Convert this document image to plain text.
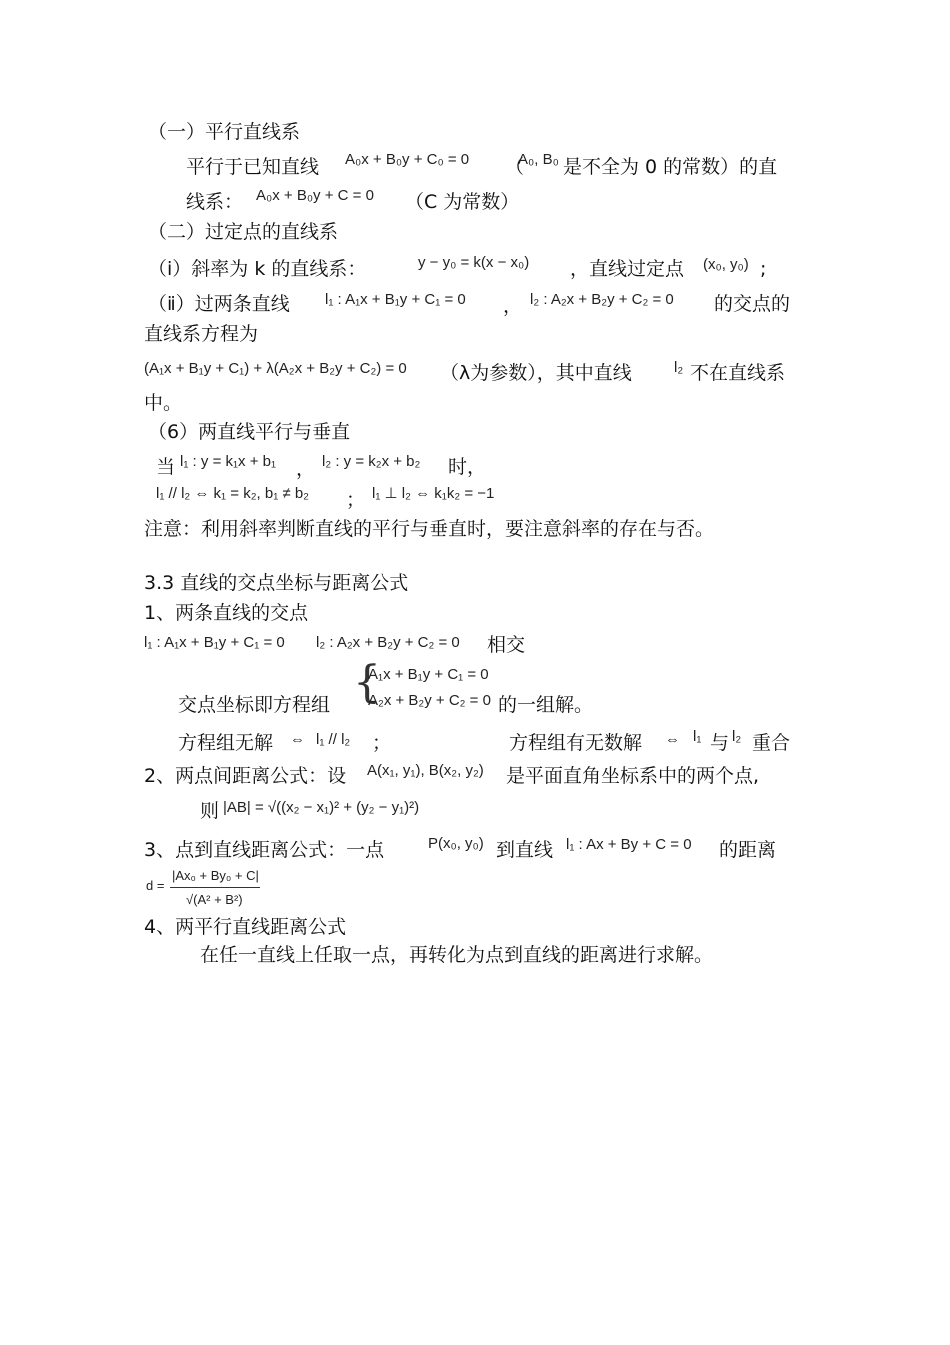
（一）平行直线系
平行于已知直线 A₀x + B₀y + C₀ = 0 （
A₀, B₀ 是不全为 0 的常数）的直
线系： A₀x + B₀y + C = 0 （C 为常数）
（二）过定点的直线系
（ⅰ）斜率为 k 的直线系：	y − y₀ = k(x − x₀) ，直线过定点 (x₀, y₀) ;
（ⅱ）过两条直线 l₁ : A₁x + B₁y + C₁ = 0 ， l₂ : A₂x + B₂y + C₂ = 0 的交点的
直线系方程为
(A₁x + B₁y + C₁) + λ(A₂x + B₂y + C₂) = 0 （λ为参数），其中直线	l₂ 不在直线系
中。
（6）两直线平行与垂直
当 l₁ : y = k₁x + b₁ ， l₂ : y = k₂x + b₂ 时，
l₁ // l₂ ⇔ k₁ = k₂, b₁ ≠ b₂ ； l₁ ⊥ l₂ ⇔ k₁k₂ = −1
注意：利用斜率判断直线的平行与垂直时，要注意斜率的存在与否。
3.3 直线的交点坐标与距离公式
1、两条直线的交点
l₁ : A₁x + B₁y + C₁ = 0 l₂ : A₂x + B₂y + C₂ = 0 相交
{
A₁x + B₁y + C₁ = 0
A₂x + B₂y + C₂ = 0
交点坐标即方程组	的一组解。
方程组无解 ⇔ l₁ // l₂ ；	方程组有无数解 ⇔ l₁ 与 l₂ 重合
2、两点间距离公式：设 A(x₁, y₁), B(x₂, y₂) 是平面直角坐标系中的两个点,
则 |AB| = √((x₂ − x₁)² + (y₂ − y₁)²)
3、点到直线距离公式：一点	P(x₀, y₀) 到直线 l₁ : Ax + By + C = 0 的距离
d =
|Ax₀ + By₀ + C|
√(A² + B²)
4、两平行直线距离公式
在任一直线上任取一点，再转化为点到直线的距离进行求解。
